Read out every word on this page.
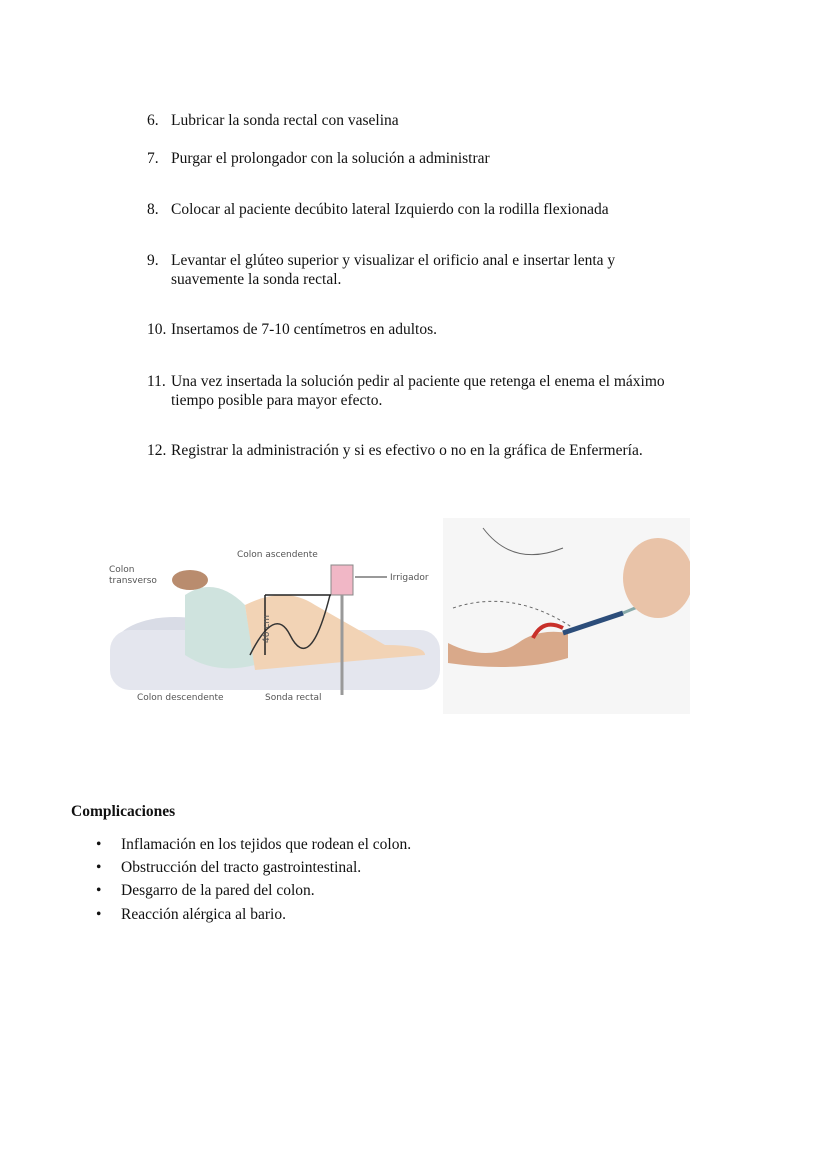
6. Lubricar la sonda rectal con vaselina
7. Purgar el prolongador con la solución a administrar
8. Colocar al paciente decúbito lateral Izquierdo con la rodilla flexionada
9. Levantar el glúteo superior y visualizar el orificio anal e insertar lenta y suavemente la sonda rectal.
10. Insertamos de 7-10 centímetros en adultos.
11. Una vez insertada la solución pedir al paciente que retenga el enema el máximo tiempo posible para mayor efecto.
12. Registrar la administración y si es efectivo o no en la gráfica de Enfermería.
40 cm
Colon ascendente
Colon
transverso	Irrigador
Colon descendente	Sonda rectal
Complicaciones
• Inflamación en los tejidos que rodean el colon.
• Obstrucción del tracto gastrointestinal.
• Desgarro de la pared del colon.
• Reacción alérgica al bario.
